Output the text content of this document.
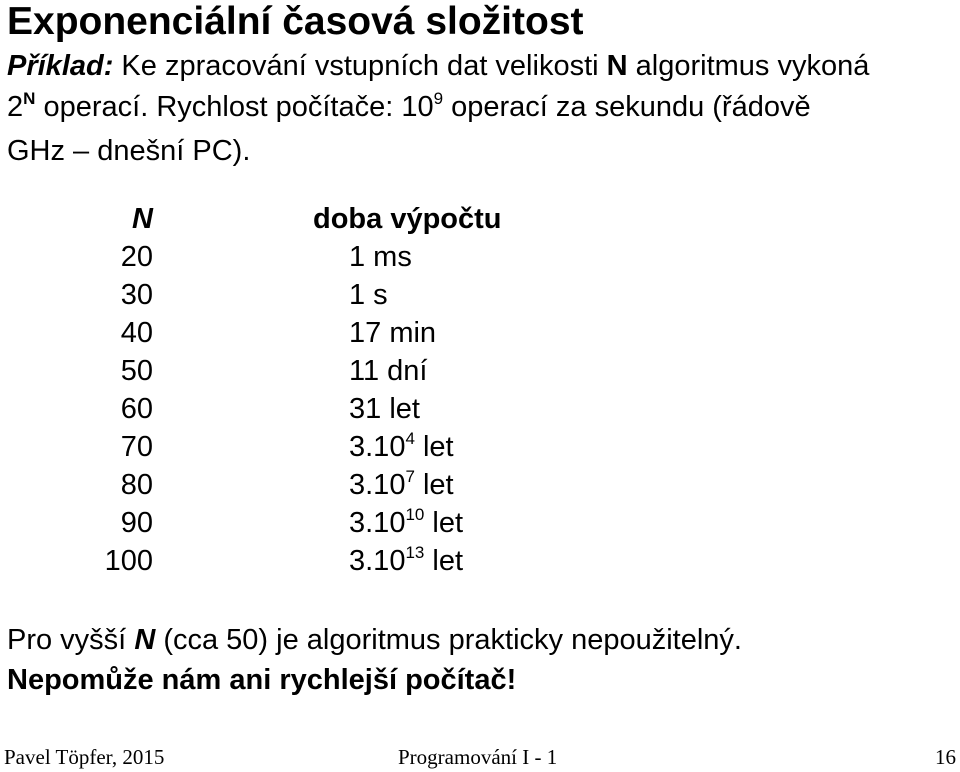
Exponenciální časová složitost
Příklad: Ke zpracování vstupních dat velikosti N algoritmus vykoná
$2^N$ operací. Rychlost počítače: $10^9$ operací za sekundu (řádově
GHz – dnešní PC).
N	doba výpočtu
20	1 ms
30	1 s
40	17 min
50	11 dní
60	31 let
70	3.10$^4$ let
80	3.10$^7$ let
90	3.10$^{10}$ let
100	3.10$^{13}$ let
Pro vyšší N (cca 50) je algoritmus prakticky nepoužitelný.
Nepomůže nám ani rychlejší počítač!
Pavel Töpfer, 2015	Programování I - 1	16
